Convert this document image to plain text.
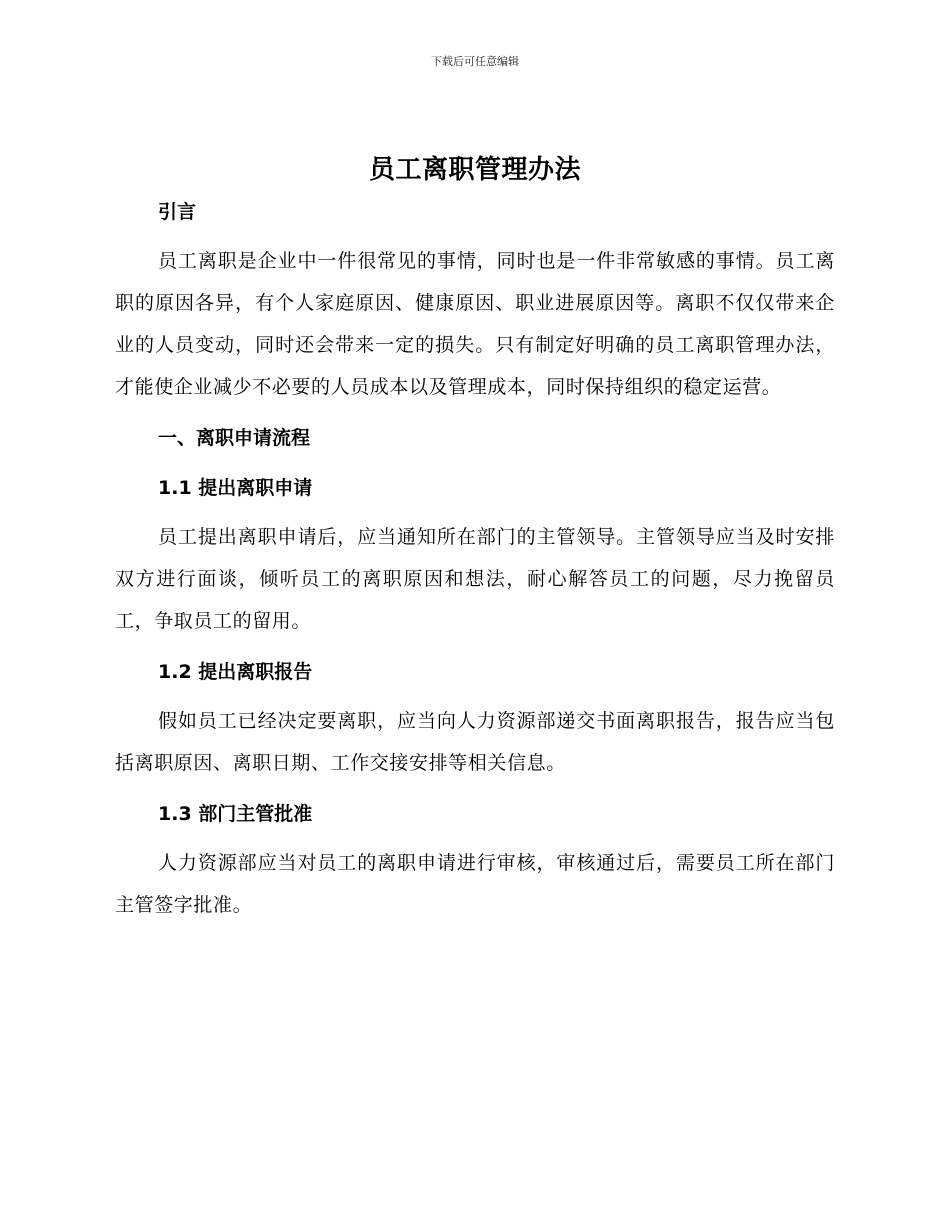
下载后可任意编辑
员工离职管理办法
引言

员工离职是企业中一件很常见的事情，同时也是一件非常敏感的事情。员工离职的原因各异，有个人家庭原因、健康原因、职业进展原因等。离职不仅仅带来企业的人员变动，同时还会带来一定的损失。只有制定好明确的员工离职管理办法，才能使企业减少不必要的人员成本以及管理成本，同时保持组织的稳定运营。

一、离职申请流程
1.1 提出离职申请

员工提出离职申请后，应当通知所在部门的主管领导。主管领导应当及时安排双方进行面谈，倾听员工的离职原因和想法，耐心解答员工的问题，尽力挽留员工，争取员工的留用。

1.2 提出离职报告

假如员工已经决定要离职，应当向人力资源部递交书面离职报告，报告应当包括离职原因、离职日期、工作交接安排等相关信息。

1.3 部门主管批准

人力资源部应当对员工的离职申请进行审核，审核通过后，需要员工所在部门主管签字批准。
